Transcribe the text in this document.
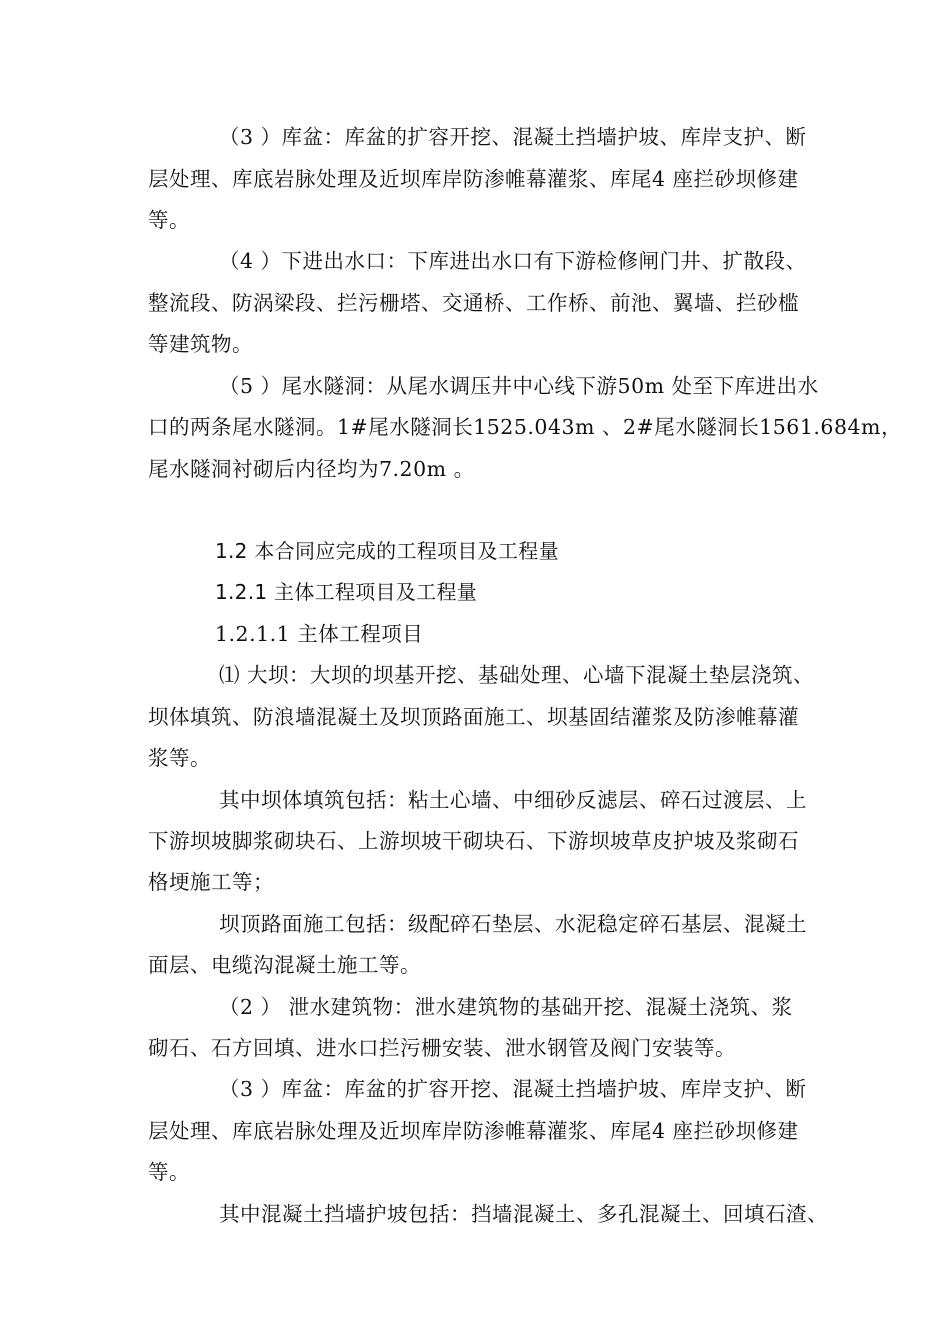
（3 ）库盆：库盆的扩容开挖、混凝土挡墙护坡、库岸支护、断
层处理、库底岩脉处理及近坝库岸防渗帷幕灌浆、库尾4 座拦砂坝修建
等。
（4 ）下进出水口：下库进出水口有下游检修闸门井、扩散段、
整流段、防涡梁段、拦污栅塔、交通桥、工作桥、前池、翼墙、拦砂槛
等建筑物。
（5 ）尾水隧洞：从尾水调压井中心线下游50m 处至下库进出水
口的两条尾水隧洞。1#尾水隧洞长1525.043m 、2#尾水隧洞长1561.684m，
尾水隧洞衬砌后内径均为7.20m 。
1.2 本合同应完成的工程项目及工程量
1.2.1 主体工程项目及工程量
1.2.1.1 主体工程项目
⑴ 大坝：大坝的坝基开挖、基础处理、心墙下混凝土垫层浇筑、
坝体填筑、防浪墙混凝土及坝顶路面施工、坝基固结灌浆及防渗帷幕灌
浆等。
其中坝体填筑包括：粘土心墙、中细砂反滤层、碎石过渡层、上
下游坝坡脚浆砌块石、上游坝坡干砌块石、下游坝坡草皮护坡及浆砌石
格埂施工等；
坝顶路面施工包括：级配碎石垫层、水泥稳定碎石基层、混凝土
面层、电缆沟混凝土施工等。
（2 ） 泄水建筑物：泄水建筑物的基础开挖、混凝土浇筑、浆
砌石、石方回填、进水口拦污栅安装、泄水钢管及阀门安装等。
（3 ）库盆：库盆的扩容开挖、混凝土挡墙护坡、库岸支护、断
层处理、库底岩脉处理及近坝库岸防渗帷幕灌浆、库尾4 座拦砂坝修建
等。
其中混凝土挡墙护坡包括：挡墙混凝土、多孔混凝土、回填石渣、
